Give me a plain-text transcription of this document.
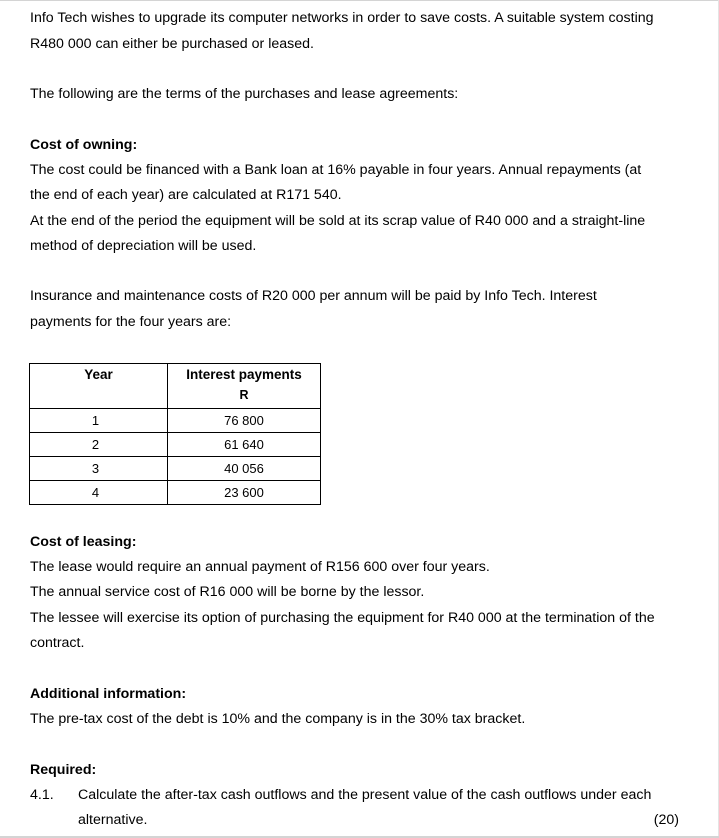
Info Tech wishes to upgrade its computer networks in order to save costs. A suitable system costing
R480 000 can either be purchased or leased.
The following are the terms of the purchases and lease agreements:
Cost of owning:
The cost could be financed with a Bank loan at 16% payable in four years. Annual repayments (at
the end of each year) are calculated at R171 540.
At the end of the period the equipment will be sold at its scrap value of R40 000 and a straight-line
method of depreciation will be used.
Insurance and maintenance costs of R20 000 per annum will be paid by Info Tech. Interest
payments for the four years are:
Year	Interest payments
R

1	76 800
2	61 640
3	40 056
4	23 600
Cost of leasing:
The lease would require an annual payment of R156 600 over four years.
The annual service cost of R16 000 will be borne by the lessor.
The lessee will exercise its option of purchasing the equipment for R40 000 at the termination of the
contract.
Additional information:
The pre-tax cost of the debt is 10% and the company is in the 30% tax bracket.
Required:
4.1. Calculate the after-tax cash outflows and the present value of the cash outflows under each
alternative.	(20)
